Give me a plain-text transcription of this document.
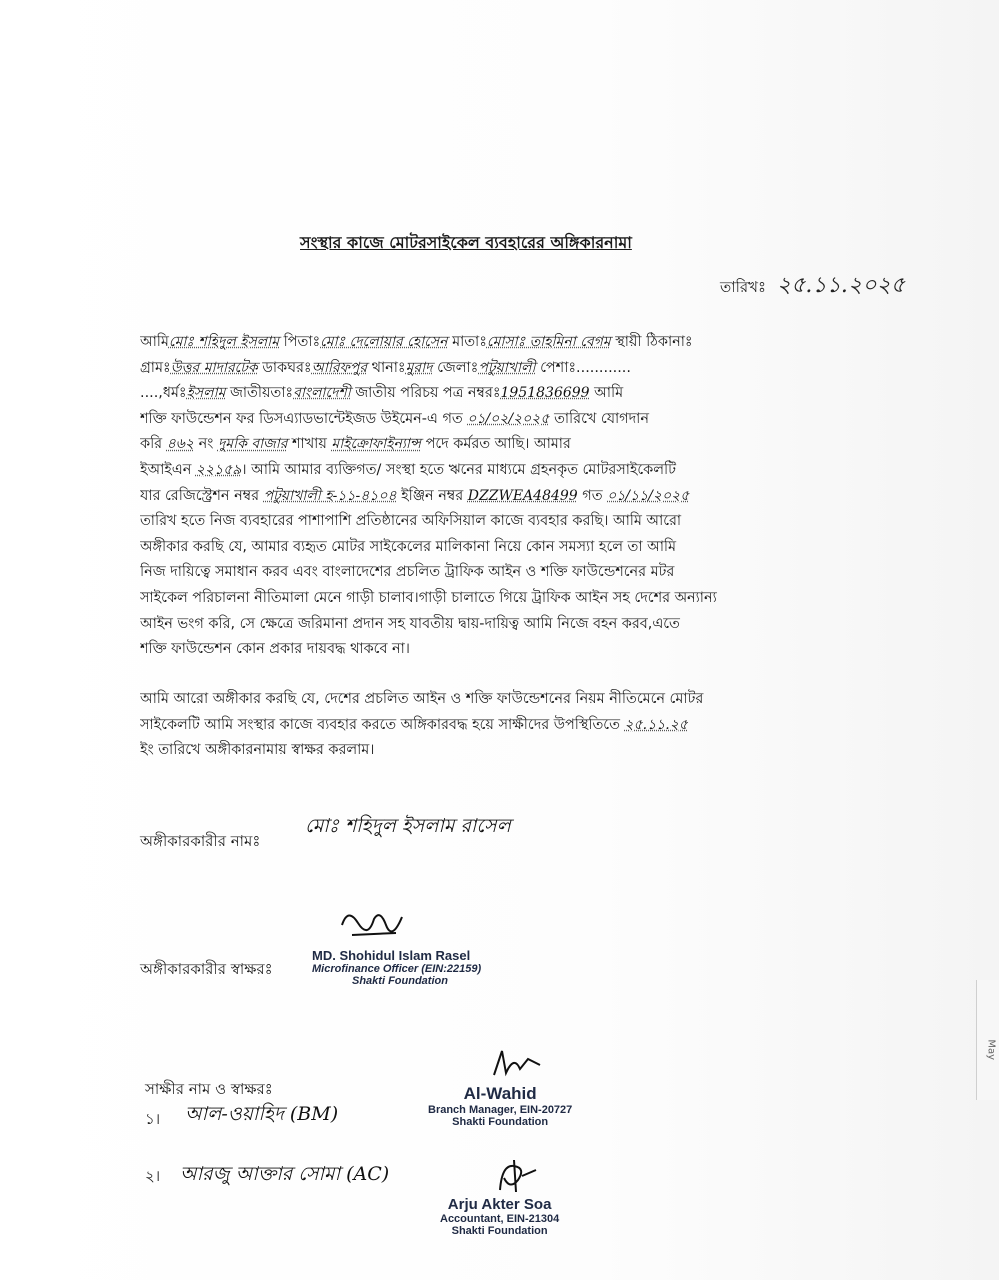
May
সংস্থার কাজে মোটরসাইকেল ব্যবহারের অঙ্গিকারনামা
তারিখঃ ২৫.১১.২০২৫
আমিমোঃ শহিদুল ইসলাম পিতাঃমোঃ দেলোয়ার হোসেন মাতাঃমোসাঃ তাহমিনা বেগম স্থায়ী ঠিকানাঃ
গ্রামঃউত্তর মাদারটেক ডাকঘরঃআরিফপুর থানাঃমুরাদ জেলাঃপটুয়াখালী পেশাঃ............
....,ধর্মঃইসলাম জাতীয়তাঃবাংলাদেশী জাতীয় পরিচয় পত্র নম্বরঃ1951836699 আমি
শক্তি ফাউন্ডেশন ফর ডিসএ্যাডভান্টেইজড উইমেন-এ গত ০১/০২/২০২৫ তারিখে যোগদান
করি ৪৬২ নং দুমকি বাজার শাখায় মাইক্রোফাইন্যান্স পদে কর্মরত আছি। আমার
ইআইএন ২২১৫৯। আমি আমার ব্যক্তিগত/ সংস্থা হতে ঋনের মাধ্যমে গ্রহনকৃত মোটরসাইকেলটি
যার রেজিস্ট্রেশন নম্বর পটুয়াখালী হ-১১-৪১০৪ ইঞ্জিন নম্বর DZZWEA48499 গত ০১/১১/২০২৫
তারিখ হতে নিজ ব্যবহারের পাশাপাশি প্রতিষ্ঠানের অফিসিয়াল কাজে ব্যবহার করছি। আমি আরো
অঙ্গীকার করছি যে, আমার ব্যহৃত মোটর সাইকেলের মালিকানা নিয়ে কোন সমস্যা হলে তা আমি
নিজ দায়িত্বে সমাধান করব এবং বাংলাদেশের প্রচলিত ট্রাফিক আইন ও শক্তি ফাউন্ডেশনের মটর
সাইকেল পরিচালনা নীতিমালা মেনে গাড়ী চালাব।গাড়ী চালাতে গিয়ে ট্রাফিক আইন সহ দেশের অন্যান্য
আইন ভংগ করি, সে ক্ষেত্রে জরিমানা প্রদান সহ যাবতীয় দ্বায়-দায়িত্ব আমি নিজে বহন করব,এতে
শক্তি ফাউন্ডেশন কোন প্রকার দায়বদ্ধ থাকবে না।
আমি আরো অঙ্গীকার করছি যে, দেশের প্রচলিত আইন ও শক্তি ফাউন্ডেশনের নিয়ম নীতিমেনে মোটর
সাইকেলটি আমি সংস্থার কাজে ব্যবহার করতে অঙ্গিকারবদ্ধ হয়ে সাক্ষীদের উপস্থিতিতে ২৫.১১.২৫
ইং তারিখে অঙ্গীকারনামায় স্বাক্ষর করলাম।
অঙ্গীকারকারীর নামঃ
মোঃ শহিদুল ইসলাম রাসেল
অঙ্গীকারকারীর স্বাক্ষরঃ
MD. Shohidul Islam Rasel
Microfinance Officer (EIN:22159)
Shakti Foundation
সাক্ষীর নাম ও স্বাক্ষরঃ
১। আল-ওয়াহিদ (BM)
২। আরজু আক্তার সোমা (AC)
Al-Wahid
Branch Manager, EIN-20727
Shakti Foundation
Arju Akter Soa
Accountant, EIN-21304
Shakti Foundation
